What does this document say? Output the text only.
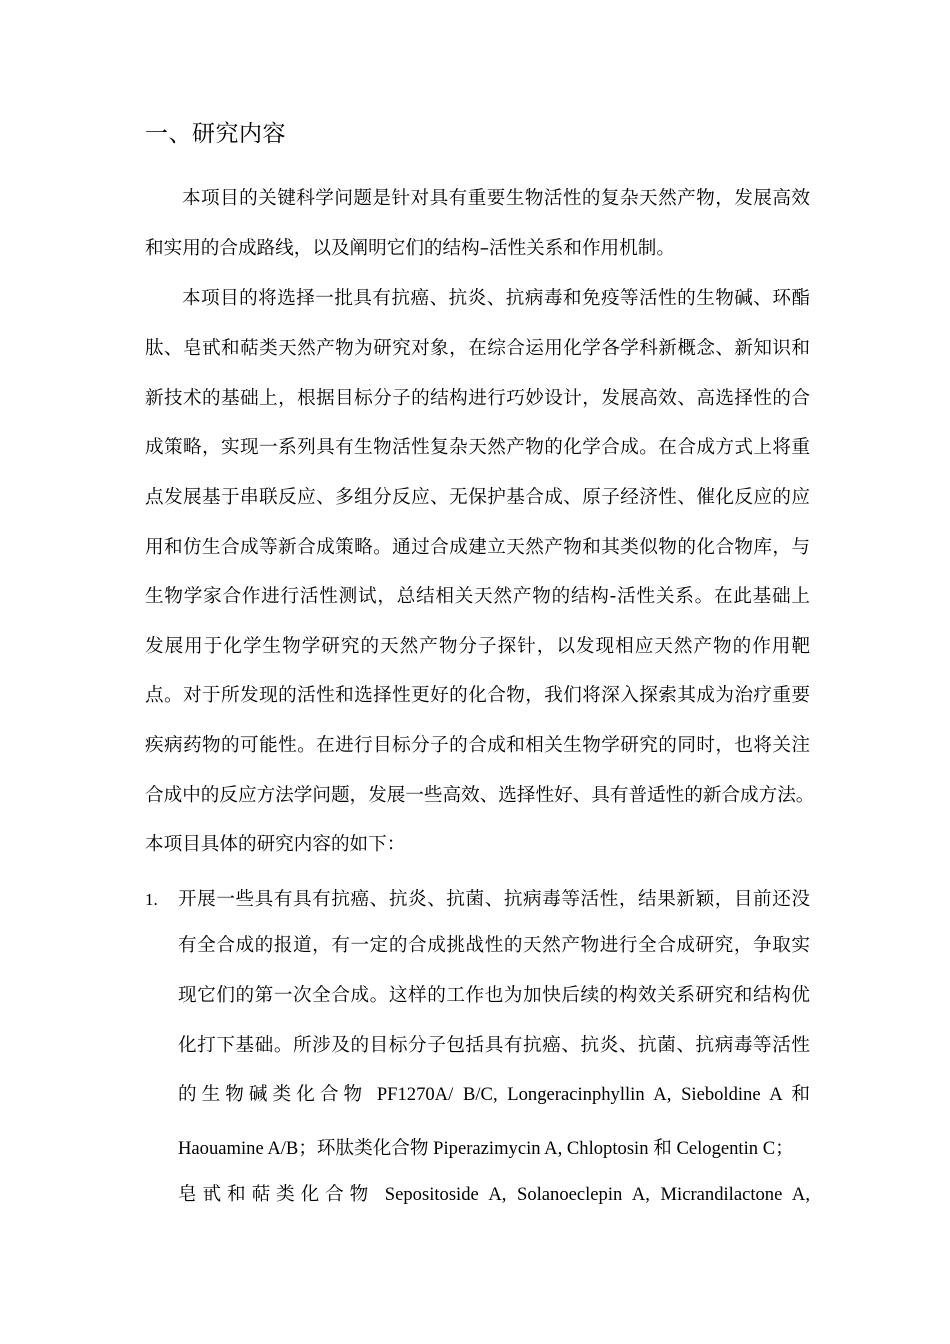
一、研究内容
本项目的关键科学问题是针对具有重要生物活性的复杂天然产物，发展高效
和实用的合成路线，以及阐明它们的结构–活性关系和作用机制。
本项目的将选择一批具有抗癌、抗炎、抗病毒和免疫等活性的生物碱、环酯
肽、皂甙和萜类天然产物为研究对象，在综合运用化学各学科新概念、新知识和
新技术的基础上，根据目标分子的结构进行巧妙设计，发展高效、高选择性的合
成策略，实现一系列具有生物活性复杂天然产物的化学合成。在合成方式上将重
点发展基于串联反应、多组分反应、无保护基合成、原子经济性、催化反应的应
用和仿生合成等新合成策略。通过合成建立天然产物和其类似物的化合物库，与
生物学家合作进行活性测试，总结相关天然产物的结构-活性关系。在此基础上
发展用于化学生物学研究的天然产物分子探针，以发现相应天然产物的作用靶
点。对于所发现的活性和选择性更好的化合物，我们将深入探索其成为治疗重要
疾病药物的可能性。在进行目标分子的合成和相关生物学研究的同时，也将关注
合成中的反应方法学问题，发展一些高效、选择性好、具有普适性的新合成方法。
本项目具体的研究内容的如下：
1. 开展一些具有具有抗癌、抗炎、抗菌、抗病毒等活性，结果新颖，目前还没
有全合成的报道，有一定的合成挑战性的天然产物进行全合成研究，争取实
现它们的第一次全合成。这样的工作也为加快后续的构效关系研究和结构优
化打下基础。所涉及的目标分子包括具有抗癌、抗炎、抗菌、抗病毒等活性
的生物碱类化合物 PF1270A/ B/C, Longeracinphyllin A, Sieboldine A 和
Haouamine A/B；环肽类化合物 Piperazimycin A, Chloptosin 和 Celogentin C；
皂甙和萜类化合物 Sepositoside A, Solanoeclepin A, Micrandilactone A,
